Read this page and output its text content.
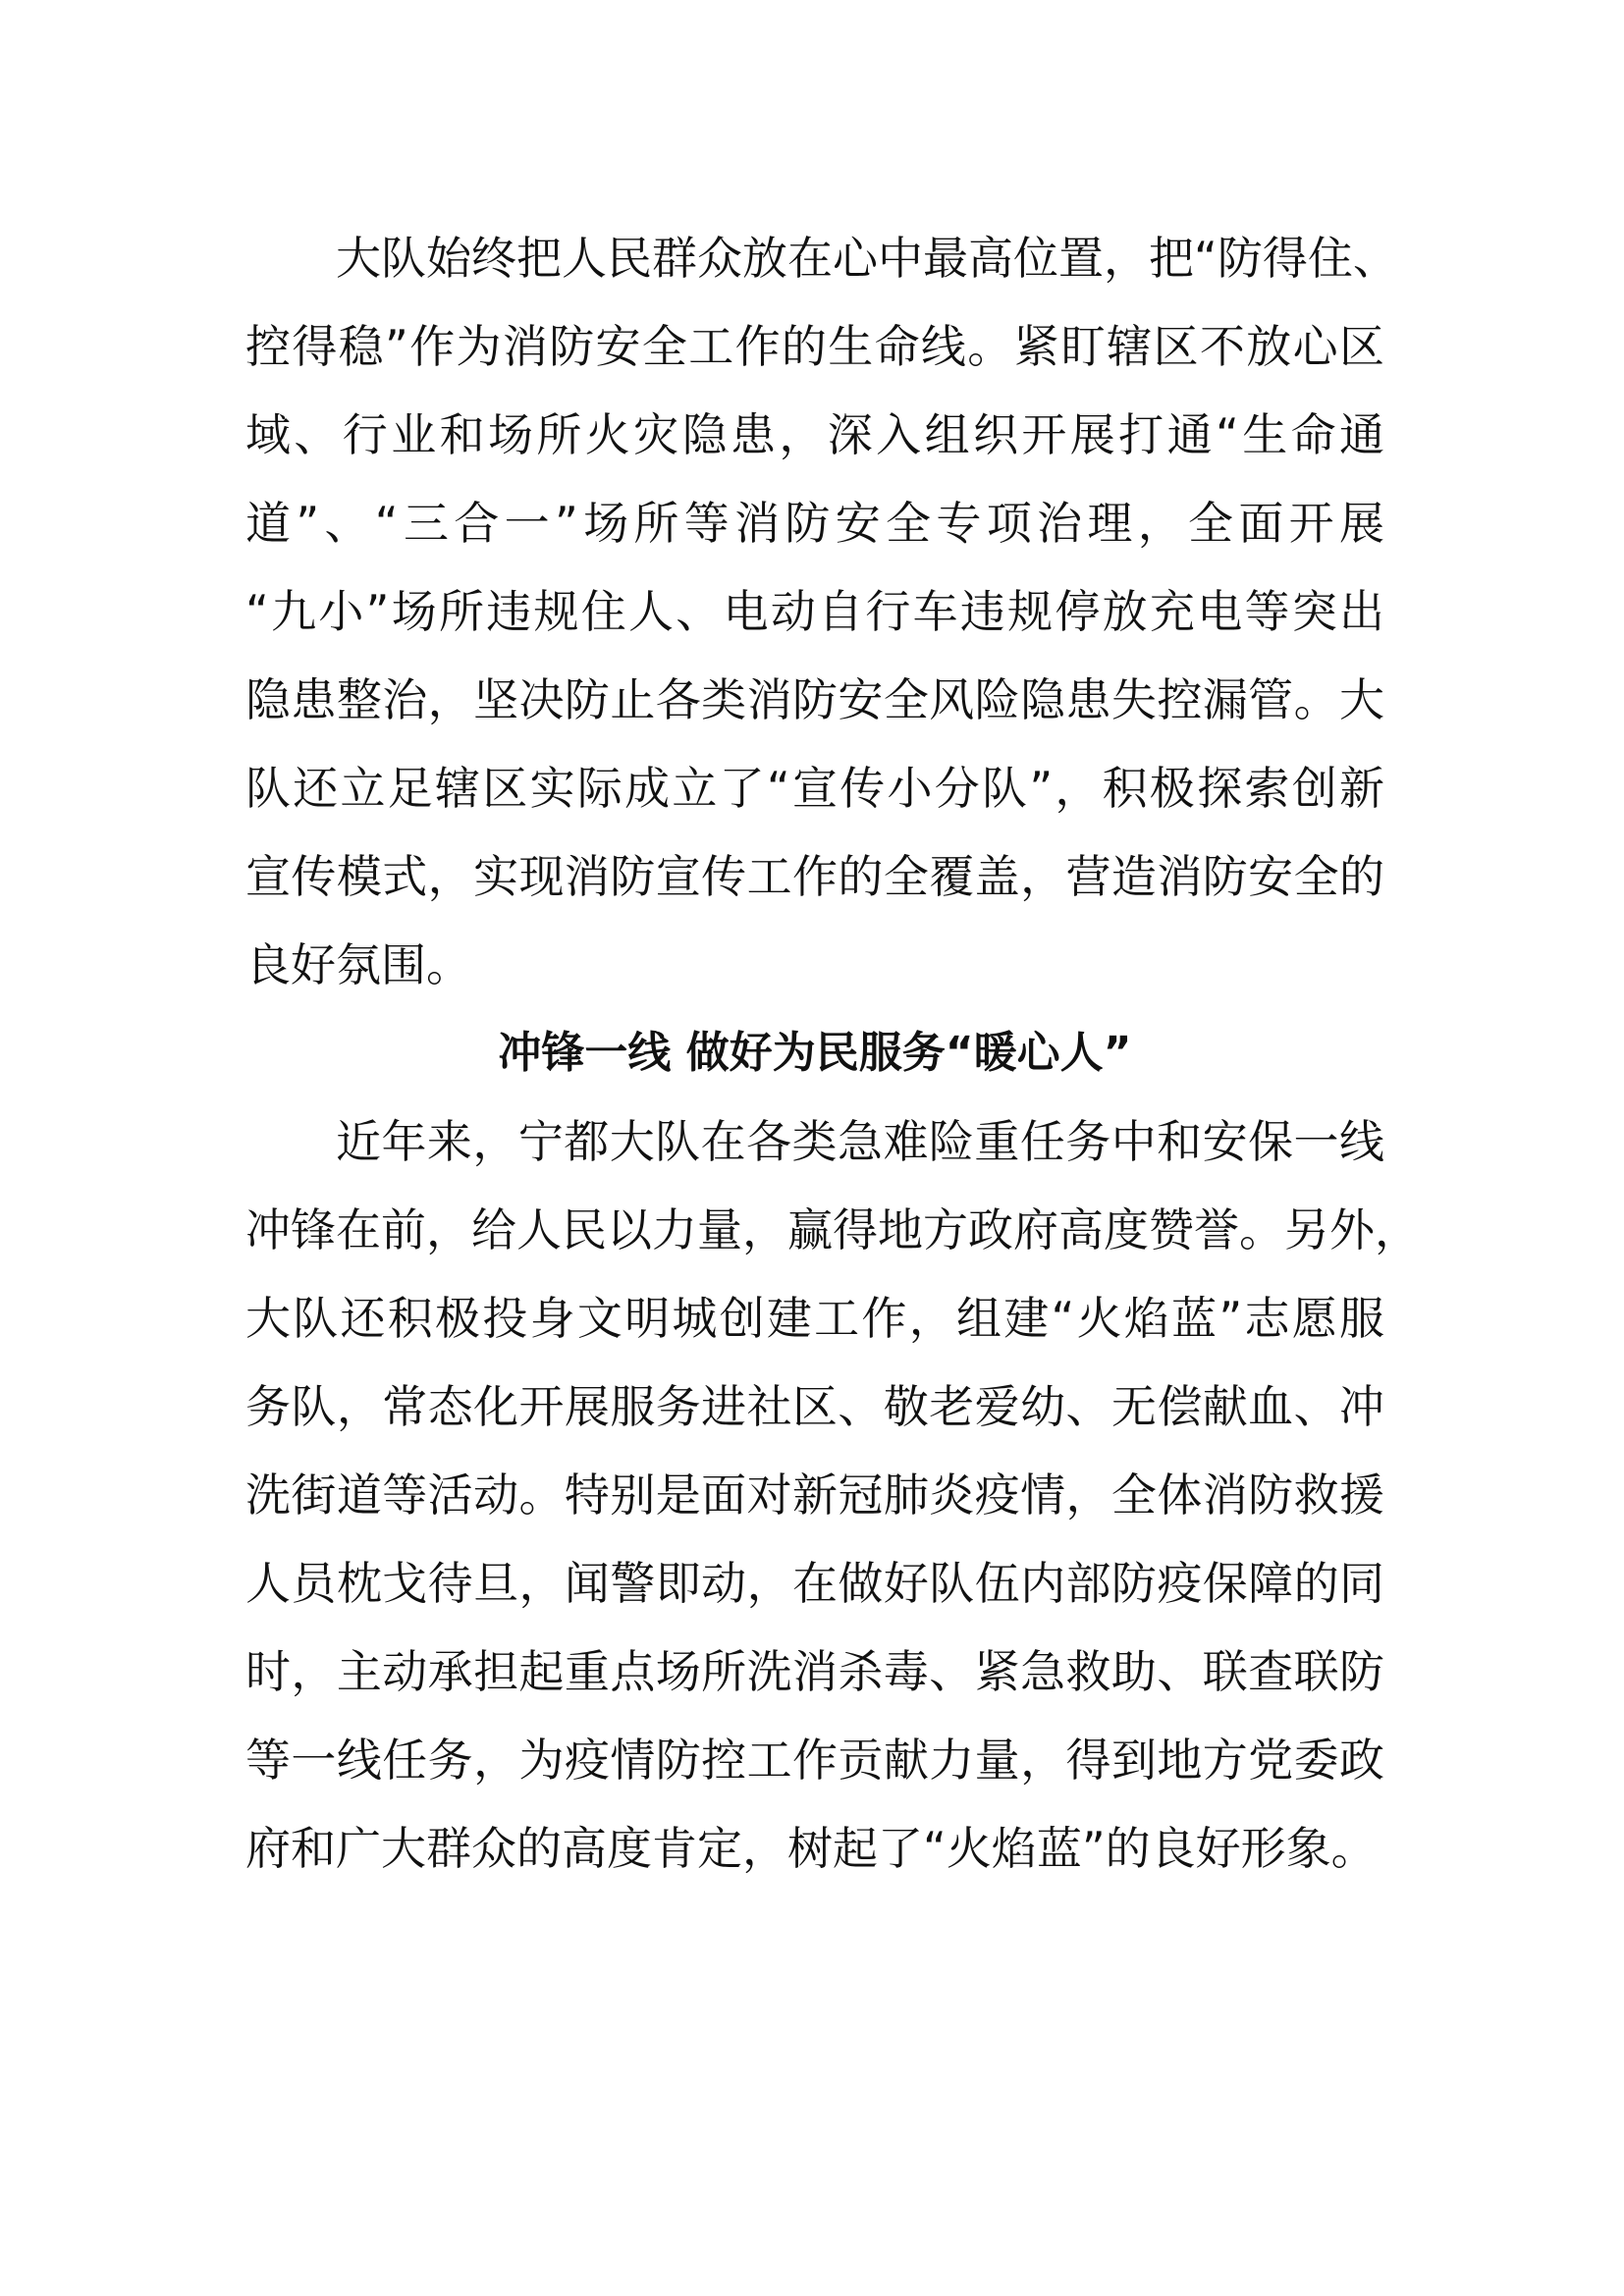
大队始终把人民群众放在心中最高位置，把“防得住、

控得稳”作为消防安全工作的生命线。紧盯辖区不放心区

域、行业和场所火灾隐患，深入组织开展打通“生命通

道”、“三合一”场所等消防安全专项治理，全面开展

“九小”场所违规住人、电动自行车违规停放充电等突出

隐患整治，坚决防止各类消防安全风险隐患失控漏管。大

队还立足辖区实际成立了“宣传小分队”，积极探索创新

宣传模式，实现消防宣传工作的全覆盖，营造消防安全的

良好氛围。

冲锋一线 做好为民服务“暖心人”

近年来，宁都大队在各类急难险重任务中和安保一线

冲锋在前，给人民以力量，赢得地方政府高度赞誉。另外，

大队还积极投身文明城创建工作，组建“火焰蓝”志愿服

务队，常态化开展服务进社区、敬老爱幼、无偿献血、冲

洗街道等活动。特别是面对新冠肺炎疫情，全体消防救援

人员枕戈待旦，闻警即动，在做好队伍内部防疫保障的同

时，主动承担起重点场所洗消杀毒、紧急救助、联查联防

等一线任务，为疫情防控工作贡献力量，得到地方党委政

府和广大群众的高度肯定，树起了“火焰蓝”的良好形象。
